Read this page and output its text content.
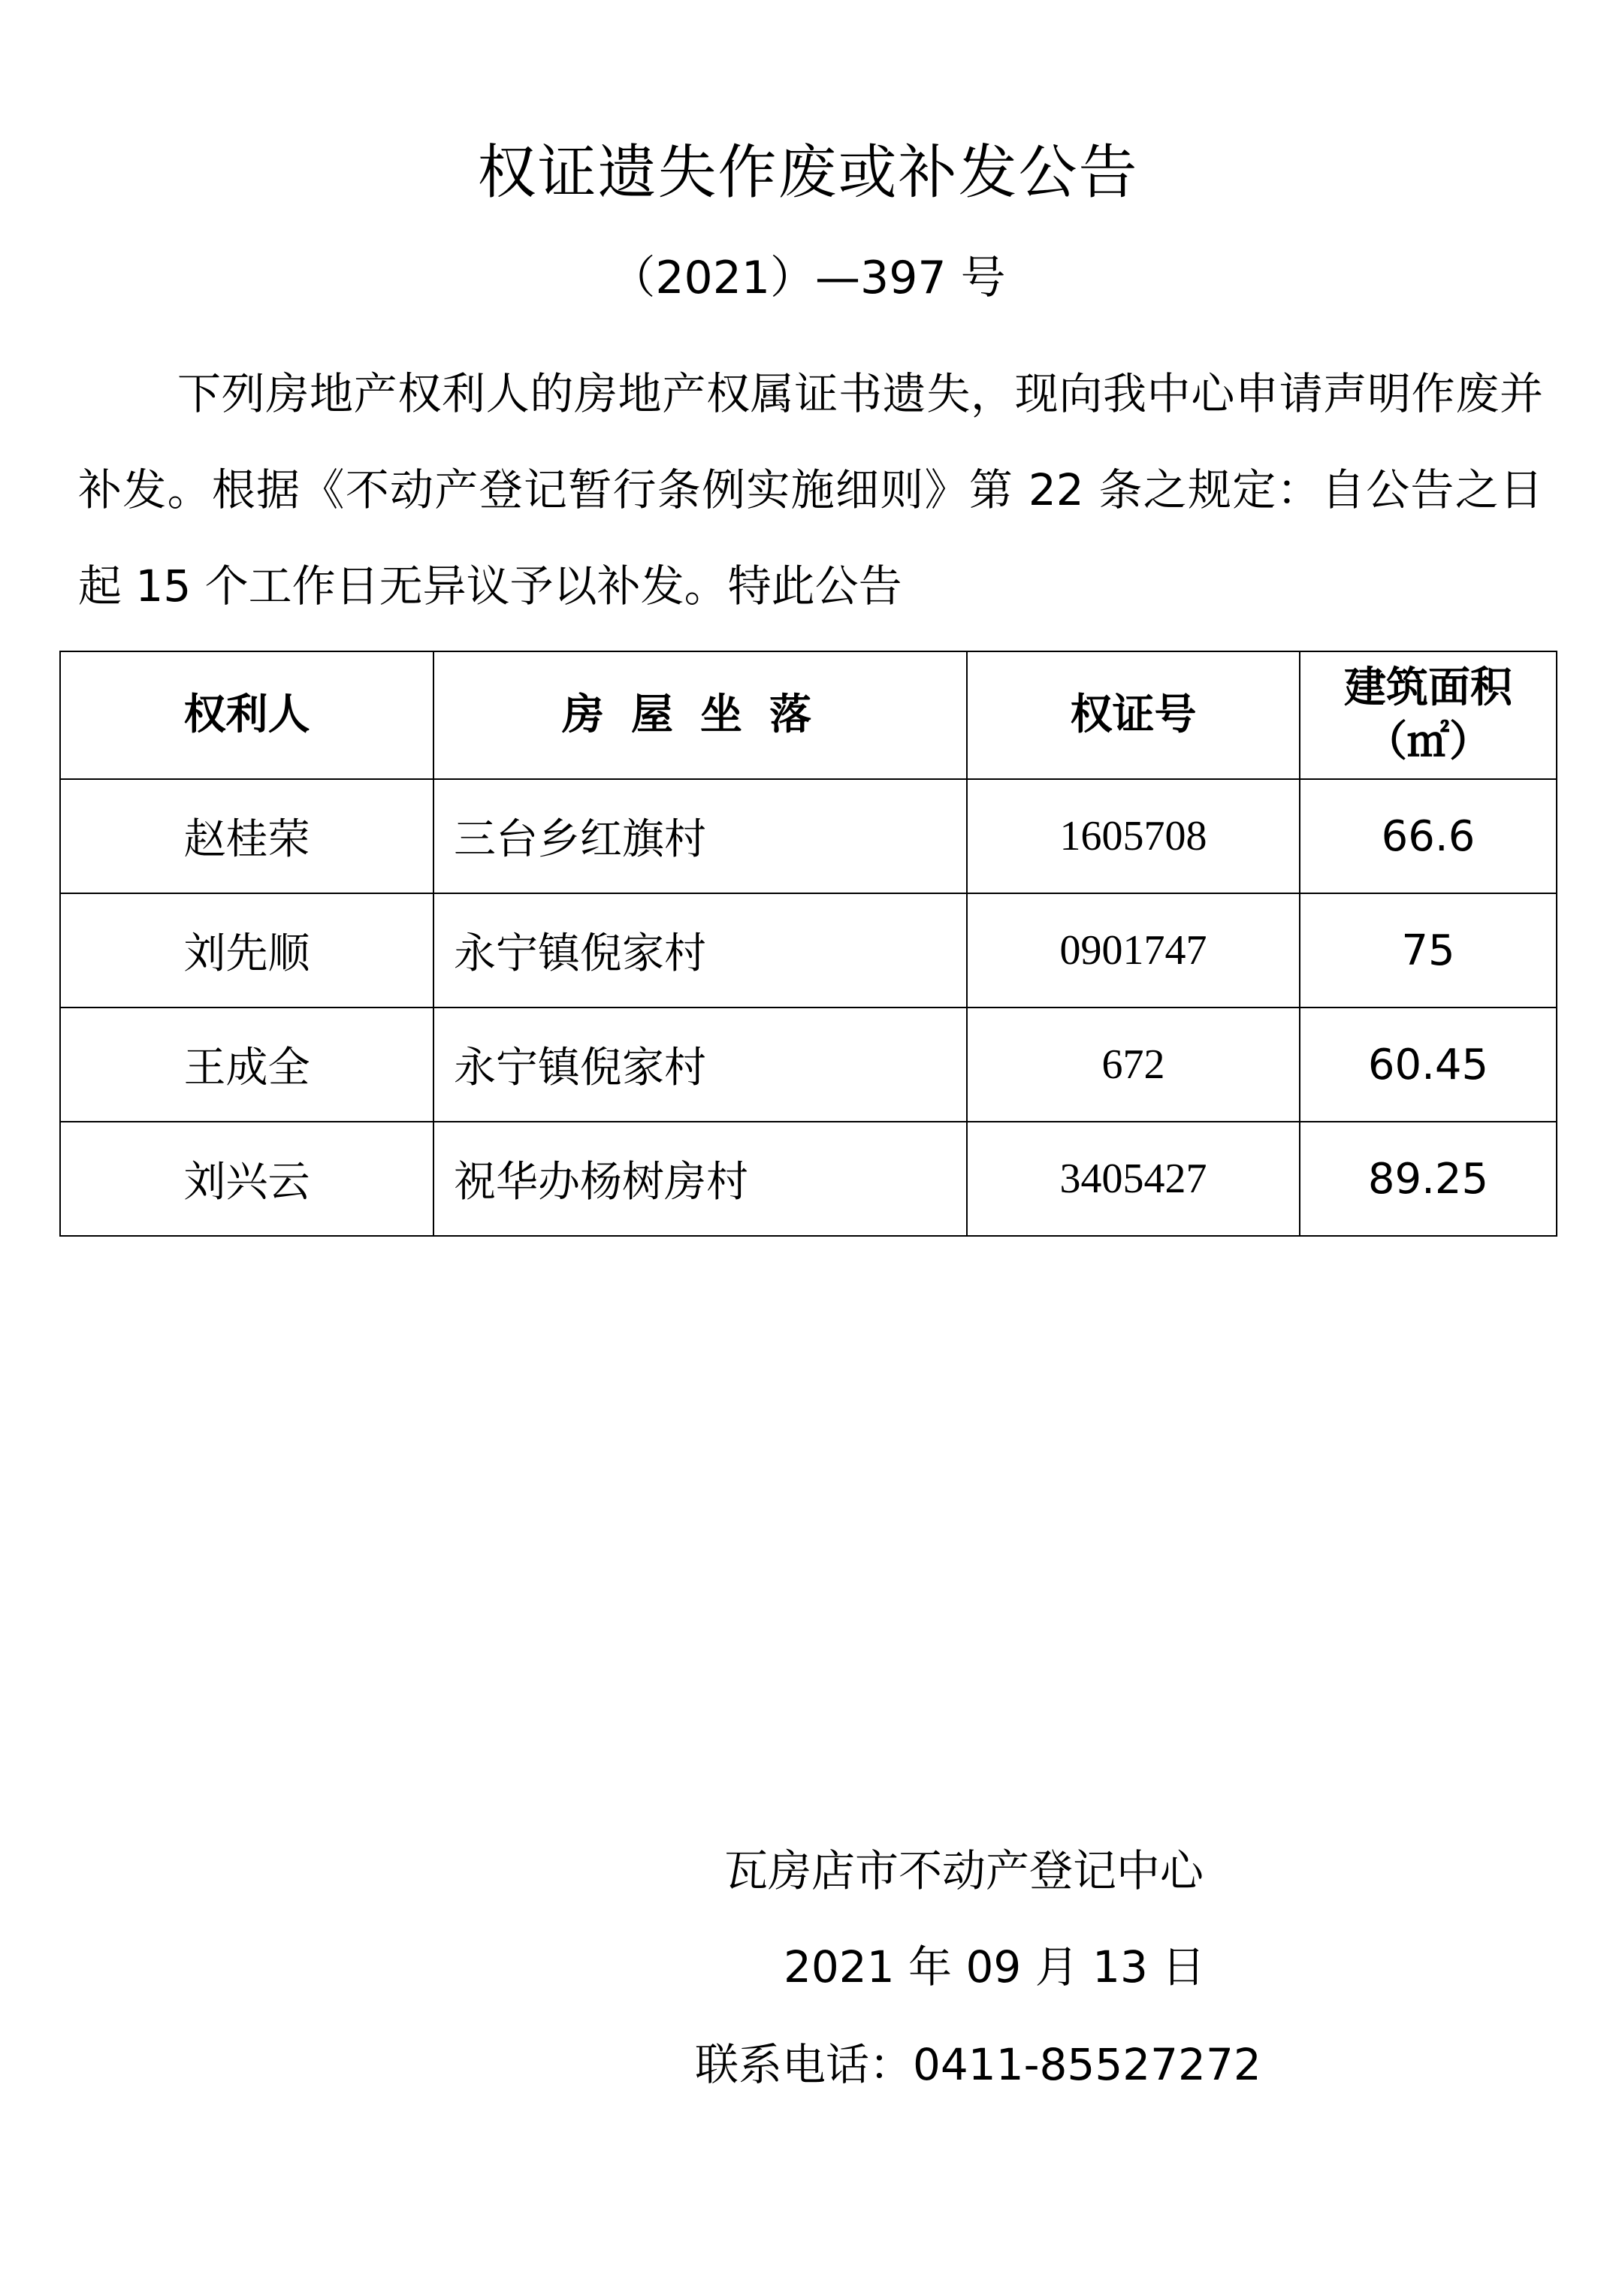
权证遗失作废或补发公告
（2021）—397 号

下列房地产权利人的房地产权属证书遗失，现向我中心申请声明作废并补发。根据《不动产登记暂行条例实施细则》第 22 条之规定：自公告之日起 15 个工作日无异议予以补发。特此公告

权利人	房屋坐落	权证号	建筑面积
（㎡）

赵桂荣	三台乡红旗村	1605708	66.6
刘先顺	永宁镇倪家村	0901747	75
王成全	永宁镇倪家村	672	60.45
刘兴云	祝华办杨树房村	3405427	89.25
瓦房店市不动产登记中心
2021 年 09 月 13 日
联系电话：0411-85527272
